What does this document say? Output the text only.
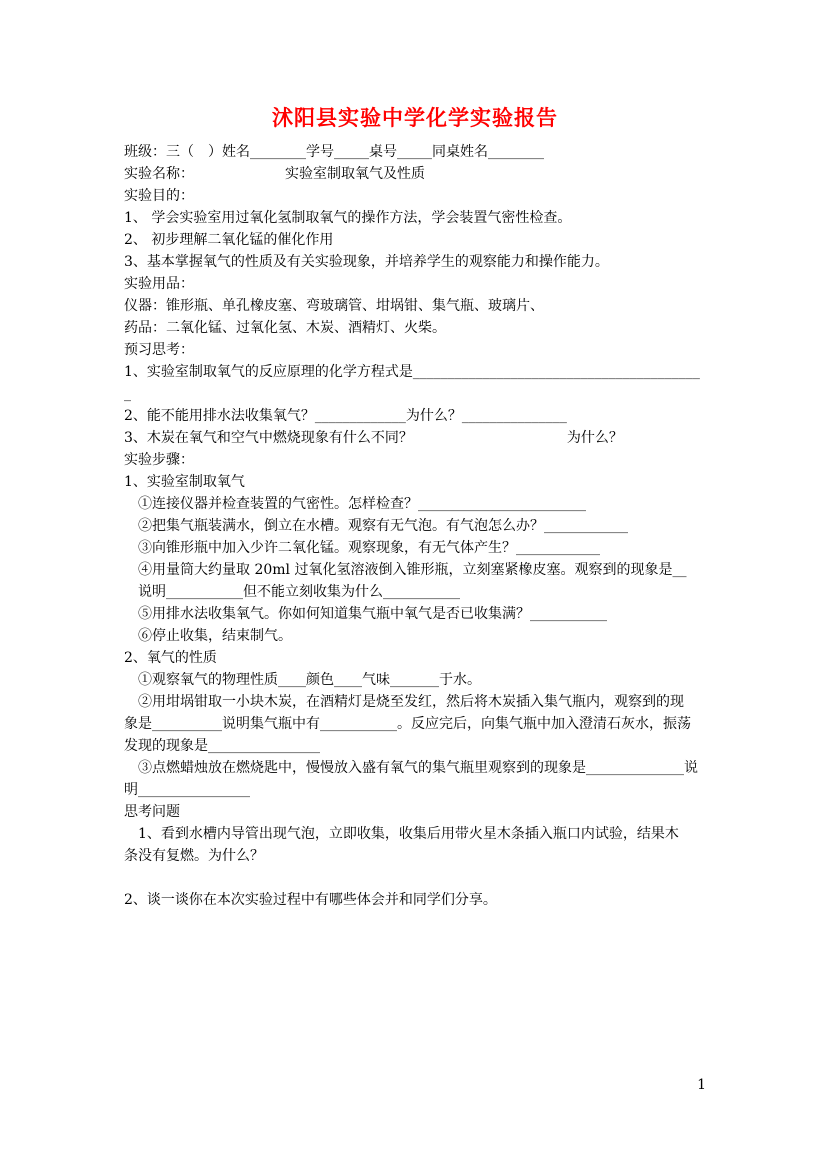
沭阳县实验中学化学实验报告

班级：三（　）姓名________学号_____桌号_____同桌姓名________

实验名称：　　　　　　　实验室制取氧气及性质

实验目的：

1、 学会实验室用过氧化氢制取氧气的操作方法，学会装置气密性检查。

2、 初步理解二氧化锰的催化作用

3、基本掌握氧气的性质及有关实验现象，并培养学生的观察能力和操作能力。

实验用品：

仪器：锥形瓶、单孔橡皮塞、弯玻璃管、坩埚钳、集气瓶、玻璃片、

药品：二氧化锰、过氧化氢、木炭、酒精灯、火柴。

预习思考：

1、实验室制取氧气的反应原理的化学方程式是__________________________________________

2、能不能用排水法收集氧气？_____________为什么？_______________

3、木炭在氧气和空气中燃烧现象有什么不同？　　　　　　　　　　　为什么？

实验步骤：

1、实验室制取氧气

　①连接仪器并检查装置的气密性。怎样检查？________________________

　②把集气瓶装满水，倒立在水槽。观察有无气泡。有气泡怎么办？____________

　③向锥形瓶中加入少许二氧化锰。观察现象，有无气体产生？____________

　④用量筒大约量取 20ml 过氧化氢溶液倒入锥形瓶，立刻塞紧橡皮塞。观察到的现象是__

　说明___________但不能立刻收集为什么___________

　⑤用排水法收集氧气。你如何知道集气瓶中氧气是否已收集满？___________

　⑥停止收集，结束制气。

2、氧气的性质

　①观察氧气的物理性质____颜色____气味_______于水。

　②用坩埚钳取一小块木炭，在酒精灯是烧至发红，然后将木炭插入集气瓶内，观察到的现

象是__________说明集气瓶中有___________。反应完后，向集气瓶中加入澄清石灰水，振荡

发现的现象是________________

　③点燃蜡烛放在燃烧匙中，慢慢放入盛有氧气的集气瓶里观察到的现象是______________说

明________________

思考问题

　1、看到水槽内导管出现气泡，立即收集，收集后用带火星木条插入瓶口内试验，结果木

条没有复燃。为什么？

2、谈一谈你在本次实验过程中有哪些体会并和同学们分享。

1
